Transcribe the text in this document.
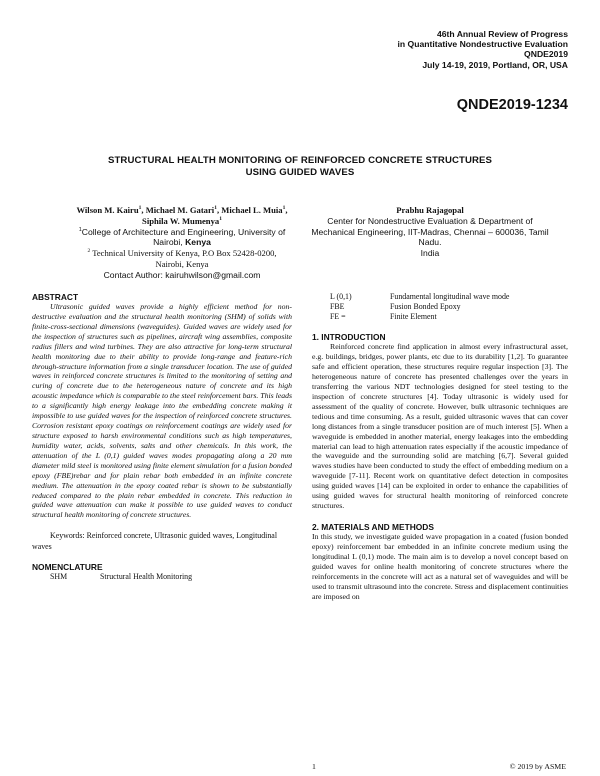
46th Annual Review of Progress
in Quantitative Nondestructive Evaluation
QNDE2019
July 14-19, 2019, Portland, OR, USA
QNDE2019-1234
STRUCTURAL HEALTH MONITORING OF REINFORCED CONCRETE STRUCTURES
USING GUIDED WAVES
Wilson M. Kairu$^1$, Michael M. Gatari$^1$, Michael L. Muia$^1$, Siphila W. Mumenya$^1$
$^1$College of Architecture and Engineering, University of Nairobi, Kenya
$^2$ Technical University of Kenya, P.O Box 52428-0200, Nairobi, Kenya
Contact Author: kairuhwilson@gmail.com
Prabhu Rajagopal
Center for Nondestructive Evaluation & Department of Mechanical Engineering, IIT-Madras, Chennai – 600036, Tamil Nadu.
India
ABSTRACT

Ultrasonic guided waves provide a highly efficient method for non-destructive evaluation and the structural health monitoring (SHM) of solids with finite-cross-sectional dimensions (waveguides). Guided waves are widely used for the inspection of structures such as pipelines, aircraft wing assemblies, composite radius fillers and wind turbines. They are also attractive for long-term structural health monitoring due to their ability to provide long-range and feature-rich through-structure information from a single transducer location. The use of guided waves in reinforced concrete structures is limited to the monitoring of setting and curing of concrete due to the heterogeneous nature of concrete and its high acoustic impedance which is comparable to the steel reinforcement bars. This leads to a significantly high energy leakage into the embedding concrete making it impossible to use guided waves for the inspection of reinforced concrete structures. Corrosion resistant epoxy coatings on reinforcement coatings are widely used for structure exposed to harsh environmental conditions such as high temperatures, humidity water, acids, solvents, salts and other chemicals. In this work, the attenuation of the L (0,1) guided waves modes propagating along a 20 mm diameter mild steel is monitored using finite element simulation for a fusion bonded epoxy (FBE)rebar and for plain rebar both embedded in an infinite concrete medium. The attenuation in the epoxy coated rebar is shown to be substantially reduced compared to the plain rebar embedded in concrete. This reduction in guided wave attenuation can make it possible to use guided waves to conduct structural health monitoring of concrete structures.

Keywords: Reinforced concrete, Ultrasonic guided waves, Longitudinal waves

NOMENCLATURE
SHM	Structural Health Monitoring
L (0,1)	Fundamental longitudinal wave mode
FBE	Fusion Bonded Epoxy
FE =	Finite Element
1. INTRODUCTION

Reinforced concrete find application in almost every infrastructural asset, e.g. buildings, bridges, power plants, etc due to its durability [1,2]. To guarantee safe and efficient operation, these structures require regular inspection [3]. The heterogeneous nature of concrete has presented challenges over the years in transferring the various NDT technologies designed for steel testing to the inspection of concrete structures [4]. Today ultrasonic is widely used for assessment of the quality of concrete. However, bulk ultrasonic techniques are tedious and time consuming. As a result, guided ultrasonic waves that can cover long distances from a single transducer position are of much interest [5]. When a waveguide is embedded in another material, energy leakages into the embedding material can lead to high attenuation rates especially if the acoustic impedance of the waveguide and the surrounding solid are matching [6,7]. Several guided waves studies have been conducted to study the effect of embedding medium on a waveguide [7-11]. Recent work on quantitative defect detection in composites using guided waves [14] can be exploited in order to enhance the capabilities of using guided waves for structural health monitoring of reinforced concrete structures.

2. MATERIALS AND METHODS

In this study, we investigate guided wave propagation in a coated (fusion bonded epoxy) reinforcement bar embedded in an infinite concrete medium using the longitudinal L (0,1) mode. The main aim is to develop a novel concept based on guided waves for online health monitoring of concrete structures where the reinforcements in the concrete will act as a natural set of waveguides and will be used to transmit ultrasound into the concrete. Stress and displacement continuities are imposed on

1	© 2019 by ASME
